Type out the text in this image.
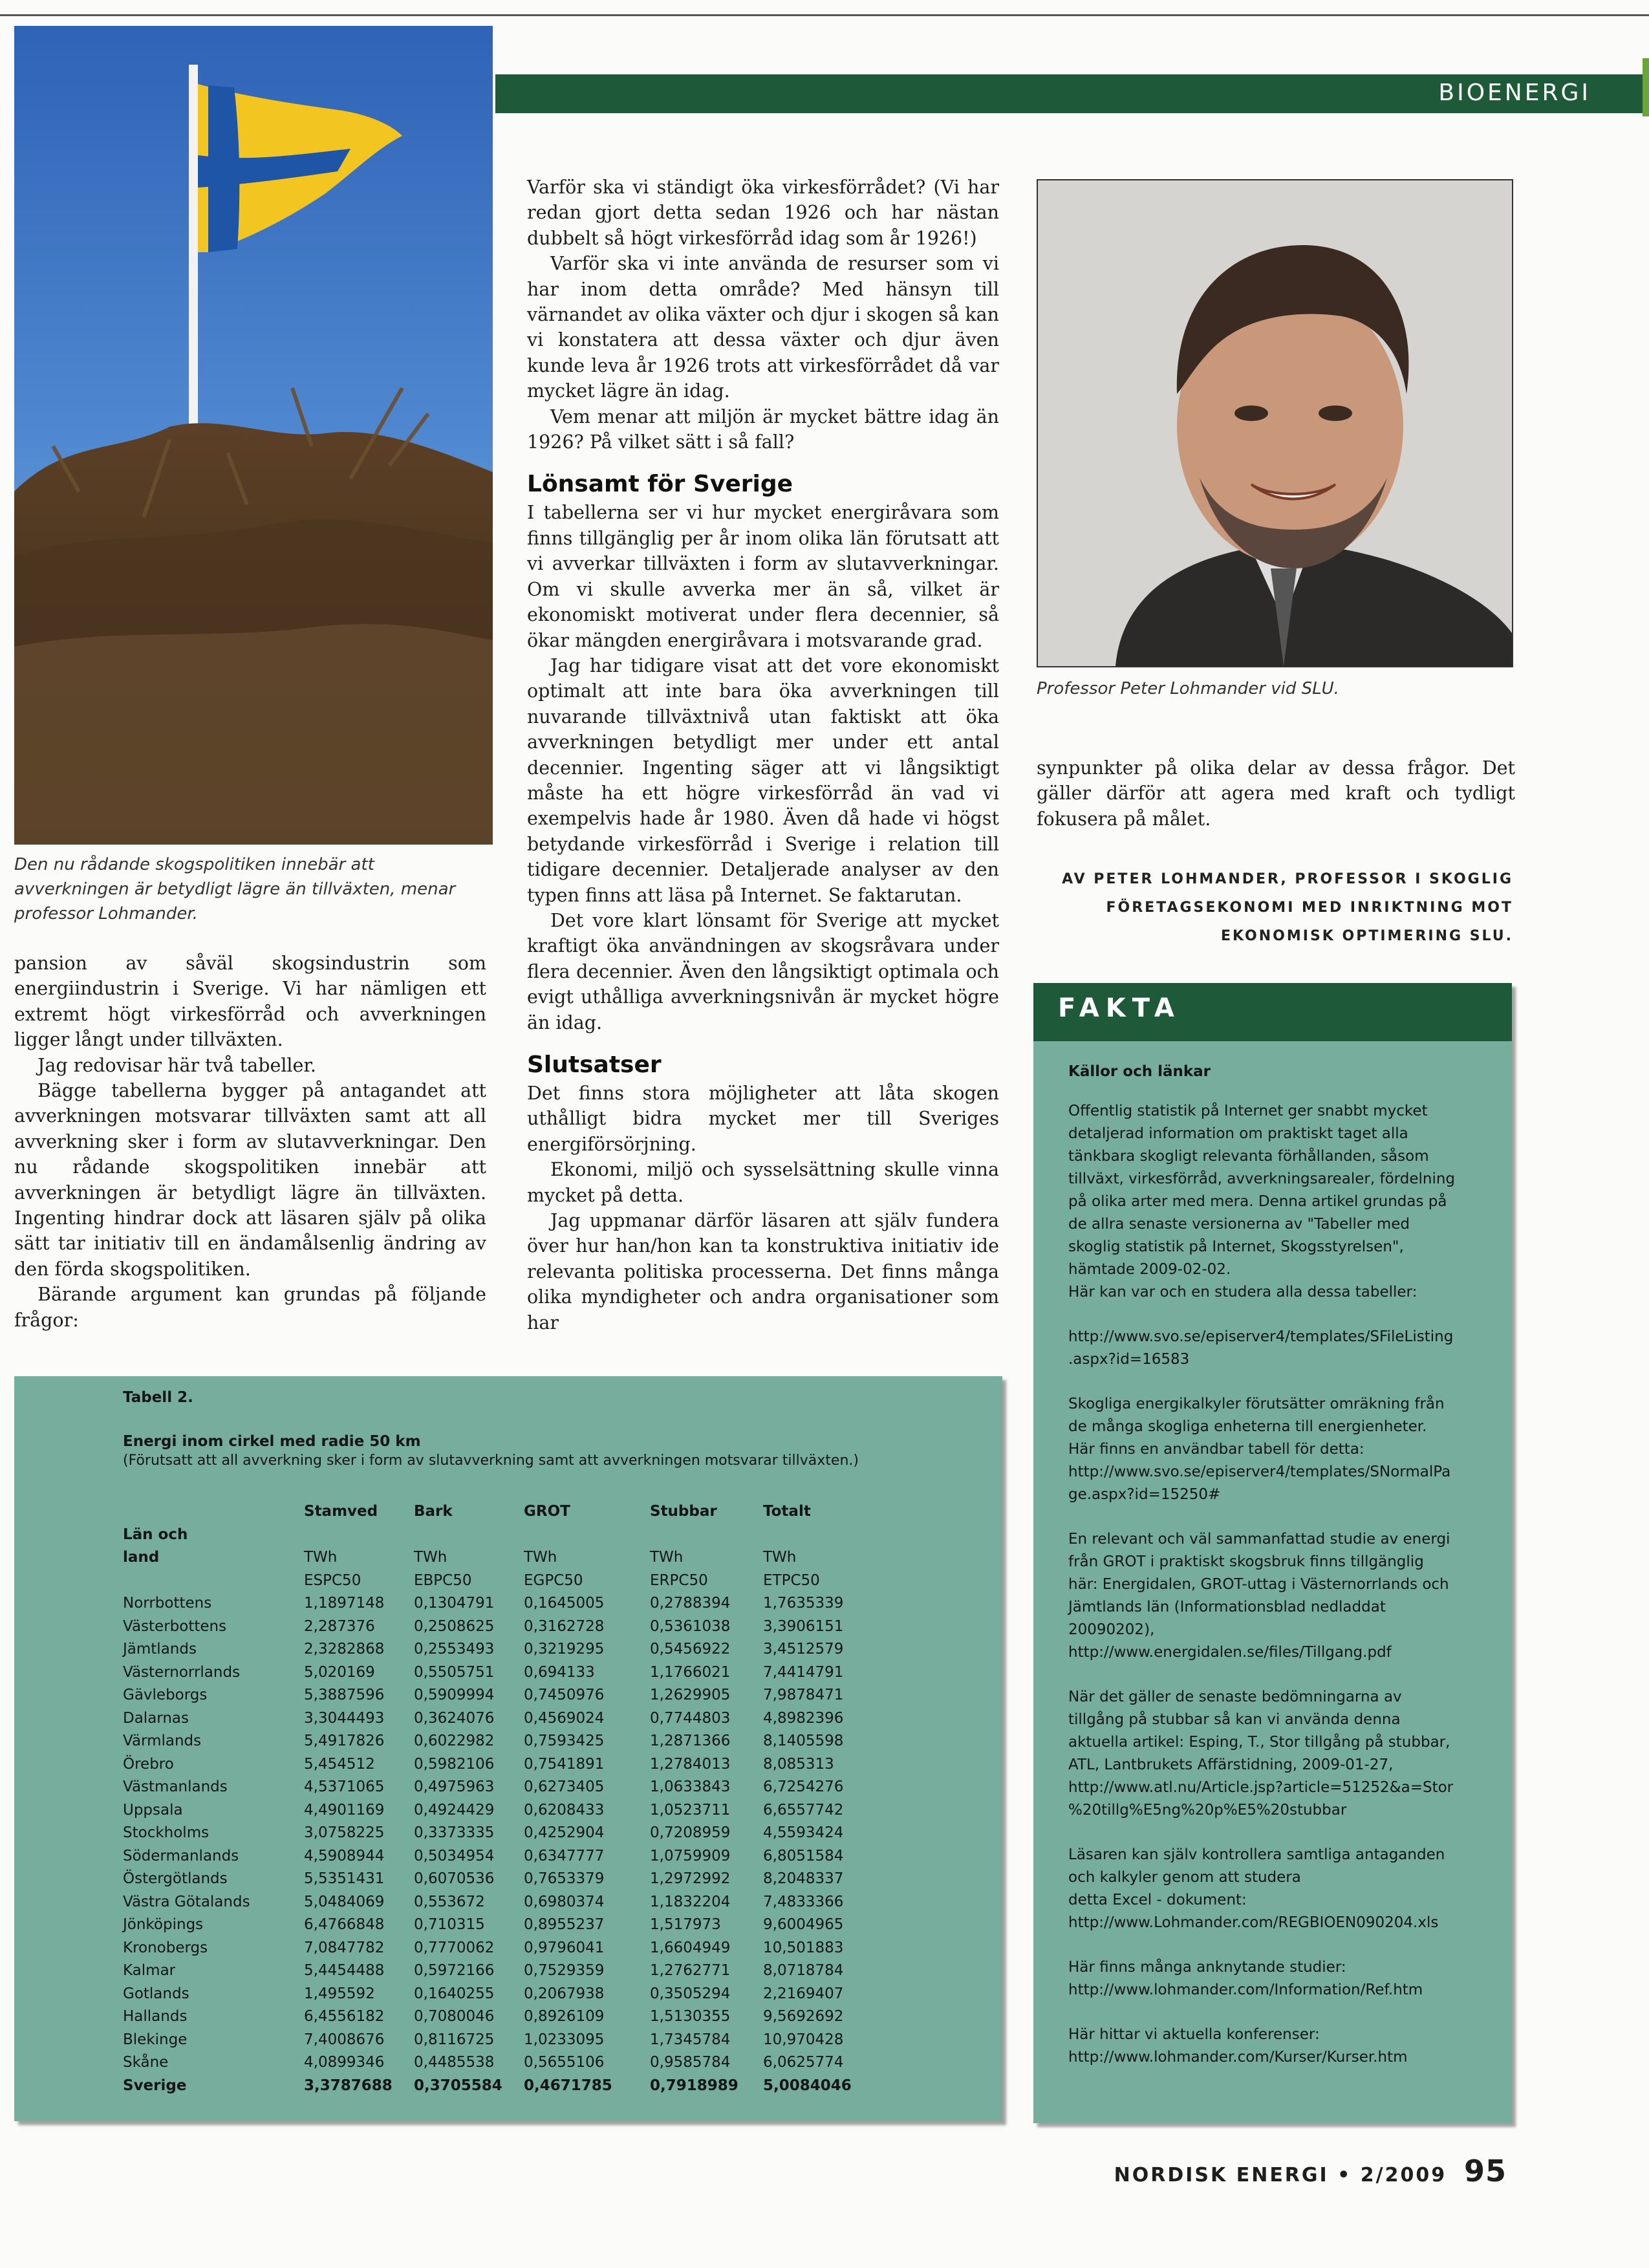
BIOENERGI
Den nu rådande skogspolitiken innebär att avverkningen är betydligt lägre än tillväxten, menar professor Lohmander.

pansion av såväl skogsindustrin som energiindustrin i Sverige. Vi har nämligen ett extremt högt virkesförråd och avverkningen ligger långt under tillväxten.

Jag redovisar här två tabeller.

Bägge tabellerna bygger på antagandet att avverkningen motsvarar tillväxten samt att all avverkning sker i form av slutavverkningar. Den nu rådande skogspolitiken innebär att avverkningen är betydligt lägre än tillväxten. Ingenting hindrar dock att läsaren själv på olika sätt tar initiativ till en ändamålsenlig ändring av den förda skogspolitiken.

Bärande argument kan grundas på följande frågor:

Varför ska vi ständigt öka virkesförrådet? (Vi har redan gjort detta sedan 1926 och har nästan dubbelt så högt virkesförråd idag som år 1926!)

Varför ska vi inte använda de resurser som vi har inom detta område? Med hänsyn till värnandet av olika växter och djur i skogen så kan vi konstatera att dessa växter och djur även kunde leva år 1926 trots att virkesförrådet då var mycket lägre än idag.

Vem menar att miljön är mycket bättre idag än 1926? På vilket sätt i så fall?

Lönsamt för Sverige

I tabellerna ser vi hur mycket energiråvara som finns tillgänglig per år inom olika län förutsatt att vi avverkar tillväxten i form av slutavverkningar. Om vi skulle avverka mer än så, vilket är ekonomiskt motiverat under flera decennier, så ökar mängden energiråvara i motsvarande grad.

Jag har tidigare visat att det vore ekonomiskt optimalt att inte bara öka avverkningen till nuvarande tillväxtnivå utan faktiskt att öka avverkningen betydligt mer under ett antal decennier. Ingenting säger att vi långsiktigt måste ha ett högre virkesförråd än vad vi exempelvis hade år 1980. Även då hade vi högst betydande virkesförråd i Sverige i relation till tidigare decennier. Detaljerade analyser av den typen finns att läsa på Internet. Se faktarutan.

Det vore klart lönsamt för Sverige att mycket kraftigt öka användningen av skogsråvara under flera decennier. Även den långsiktigt optimala och evigt uthålliga avverkningsnivån är mycket högre än idag.

Slutsatser

Det finns stora möjligheter att låta skogen uthålligt bidra mycket mer till Sveriges energiförsörjning.

Ekonomi, miljö och sysselsättning skulle vinna mycket på detta.

Jag uppmanar därför läsaren att själv fundera över hur han/hon kan ta konstruktiva initiativ ide relevanta politiska processerna. Det finns många olika myndigheter och andra organisationer som har

Professor Peter Lohmander vid SLU.

synpunkter på olika delar av dessa frågor. Det gäller därför att agera med kraft och tydligt fokusera på målet.

AV PETER LOHMANDER, PROFESSOR I SKOGLIG
FÖRETAGSEKONOMI MED INRIKTNING MOT
EKONOMISK OPTIMERING SLU.
FAKTA
Källor och länkar
Offentlig statistik på Internet ger snabbt mycket
detaljerad information om praktiskt taget alla
tänkbara skogligt relevanta förhållanden, såsom
tillväxt, virkesförråd, avverkningsarealer, fördelning
på olika arter med mera. Denna artikel grundas på
de allra senaste versionerna av "Tabeller med
skoglig statistik på Internet, Skogsstyrelsen",
hämtade 2009-02-02.
Här kan var och en studera alla dessa tabeller:
http://www.svo.se/episerver4/templates/SFileListing
.aspx?id=16583
Skogliga energikalkyler förutsätter omräkning från
de många skogliga enheterna till energienheter.
Här finns en användbar tabell för detta:
http://www.svo.se/episerver4/templates/SNormalPa
ge.aspx?id=15250#
En relevant och väl sammanfattad studie av energi
från GROT i praktiskt skogsbruk finns tillgänglig
här: Energidalen, GROT-uttag i Västernorrlands och
Jämtlands län (Informationsblad nedladdat
20090202),
http://www.energidalen.se/files/Tillgang.pdf
När det gäller de senaste bedömningarna av
tillgång på stubbar så kan vi använda denna
aktuella artikel: Esping, T., Stor tillgång på stubbar,
ATL, Lantbrukets Affärstidning, 2009-01-27,
http://www.atl.nu/Article.jsp?article=51252&a=Stor
%20tillg%E5ng%20p%E5%20stubbar
Läsaren kan själv kontrollera samtliga antaganden
och kalkyler genom att studera
detta Excel - dokument:
http://www.Lohmander.com/REGBIOEN090204.xls
Här finns många anknytande studier:
http://www.lohmander.com/Information/Ref.htm
Här hittar vi aktuella konferenser:
http://www.lohmander.com/Kurser/Kurser.htm
Tabell 2.
Energi inom cirkel med radie 50 km
(Förutsatt att all avverkning sker i form av slutavverkning samt att avverkningen motsvarar tillväxten.)
	Stamved	Bark	GROT	Stubbar	Totalt
Län och					
land	TWh	TWh	TWh	TWh	TWh
	ESPC50	EBPC50	EGPC50	ERPC50	ETPC50
Norrbottens	1,1897148	0,1304791	0,1645005	0,2788394	1,7635339
Västerbottens	2,287376	0,2508625	0,3162728	0,5361038	3,3906151
Jämtlands	2,3282868	0,2553493	0,3219295	0,5456922	3,4512579
Västernorrlands	5,020169	0,5505751	0,694133	1,1766021	7,4414791
Gävleborgs	5,3887596	0,5909994	0,7450976	1,2629905	7,9878471
Dalarnas	3,3044493	0,3624076	0,4569024	0,7744803	4,8982396
Värmlands	5,4917826	0,6022982	0,7593425	1,2871366	8,1405598
Örebro	5,454512	0,5982106	0,7541891	1,2784013	8,085313
Västmanlands	4,5371065	0,4975963	0,6273405	1,0633843	6,7254276
Uppsala	4,4901169	0,4924429	0,6208433	1,0523711	6,6557742
Stockholms	3,0758225	0,3373335	0,4252904	0,7208959	4,5593424
Södermanlands	4,5908944	0,5034954	0,6347777	1,0759909	6,8051584
Östergötlands	5,5351431	0,6070536	0,7653379	1,2972992	8,2048337
Västra Götalands	5,0484069	0,553672	0,6980374	1,1832204	7,4833366
Jönköpings	6,4766848	0,710315	0,8955237	1,517973	9,6004965
Kronobergs	7,0847782	0,7770062	0,9796041	1,6604949	10,501883
Kalmar	5,4454488	0,5972166	0,7529359	1,2762771	8,0718784
Gotlands	1,495592	0,1640255	0,2067938	0,3505294	2,2169407
Hallands	6,4556182	0,7080046	0,8926109	1,5130355	9,5692692
Blekinge	7,4008676	0,8116725	1,0233095	1,7345784	10,970428
Skåne	4,0899346	0,4485538	0,5655106	0,9585784	6,0625774
Sverige	3,3787688	0,3705584	0,4671785	0,7918989	5,0084046
NORDISK ENERGI • 2/2009 95
